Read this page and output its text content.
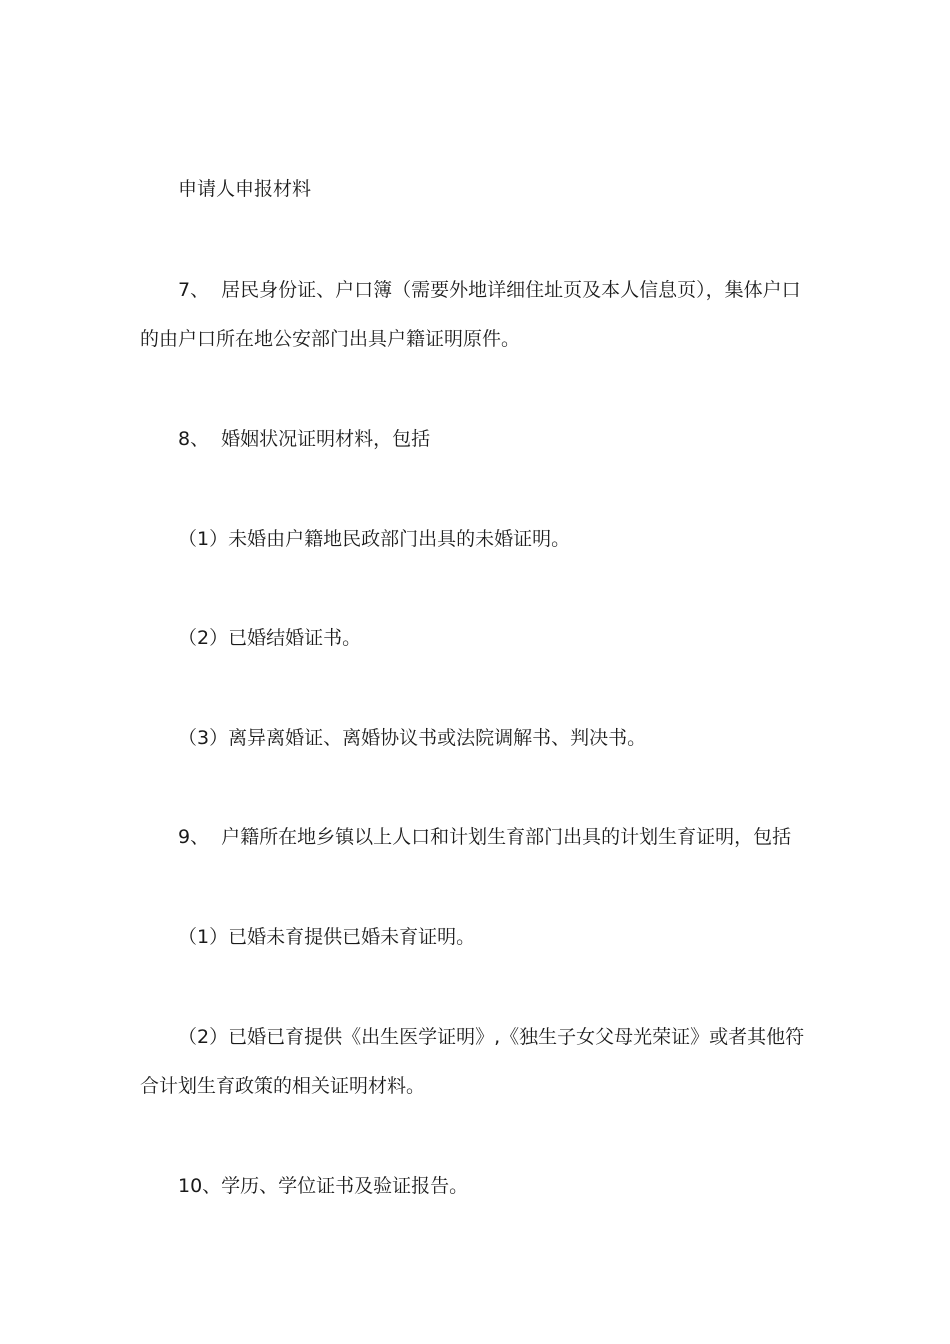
申请人申报材料

7、  居民身份证、户口簿（需要外地详细住址页及本人信息页），集体户口的由户口所在地公安部门出具户籍证明原件。

8、  婚姻状况证明材料，包括

（1）未婚由户籍地民政部门出具的未婚证明。

（2）已婚结婚证书。

（3）离异离婚证、离婚协议书或法院调解书、判决书。

9、  户籍所在地乡镇以上人口和计划生育部门出具的计划生育证明，包括

（1）已婚未育提供已婚未育证明。

（2）已婚已育提供《出生医学证明》,《独生子女父母光荣证》或者其他符合计划生育政策的相关证明材料。

10、学历、学位证书及验证报告。
